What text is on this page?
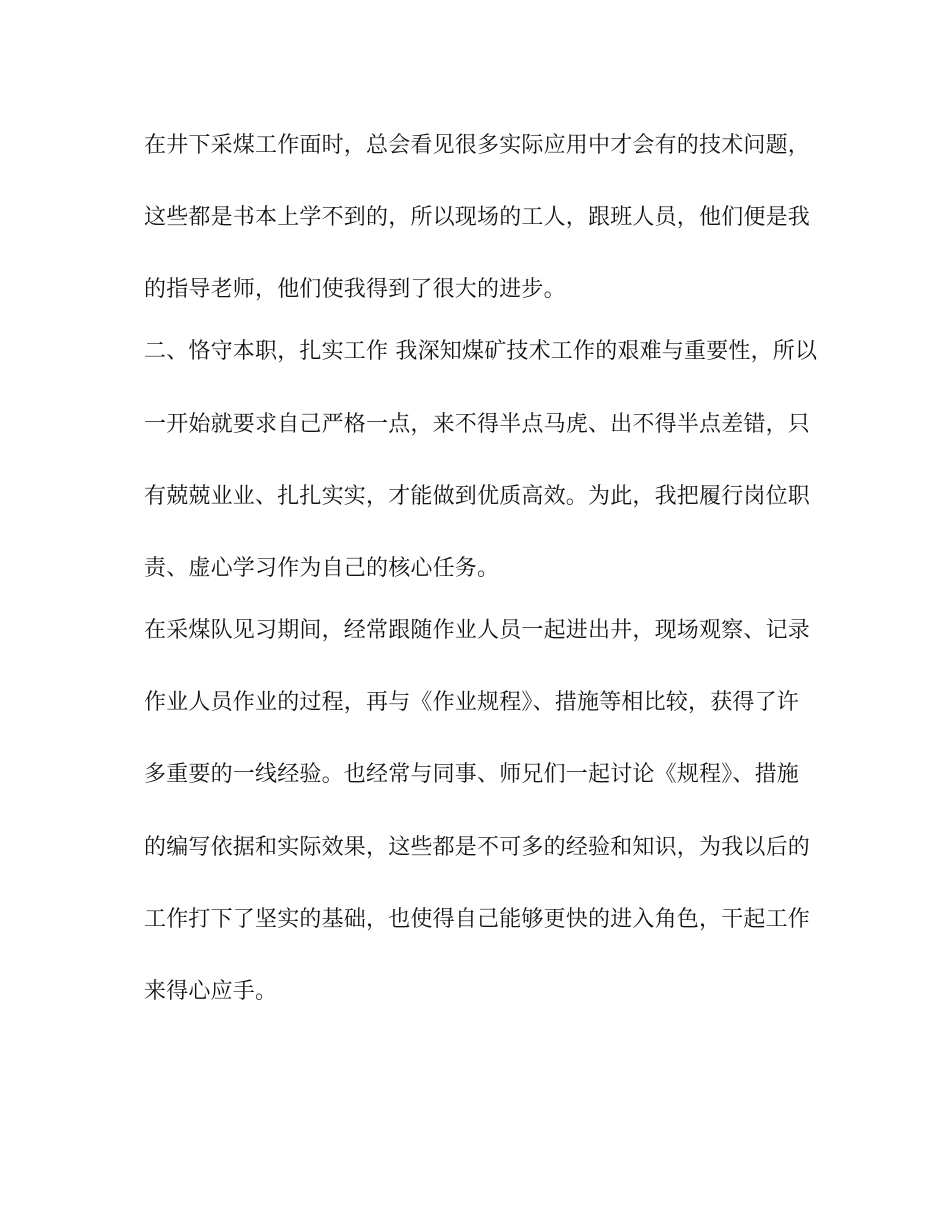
在井下采煤工作面时，总会看见很多实际应用中才会有的技术问题，
这些都是书本上学不到的，所以现场的工人，跟班人员，他们便是我
的指导老师，他们使我得到了很大的进步。
二、恪守本职，扎实工作 我深知煤矿技术工作的艰难与重要性，所以
一开始就要求自己严格一点，来不得半点马虎、出不得半点差错，只
有兢兢业业、扎扎实实，才能做到优质高效。为此，我把履行岗位职
责、虚心学习作为自己的核心任务。
在采煤队见习期间，经常跟随作业人员一起进出井，现场观察、记录
作业人员作业的过程，再与《作业规程》、措施等相比较，获得了许
多重要的一线经验。也经常与同事、师兄们一起讨论《规程》、措施
的编写依据和实际效果，这些都是不可多的经验和知识，为我以后的
工作打下了坚实的基础，也使得自己能够更快的进入角色，干起工作
来得心应手。
